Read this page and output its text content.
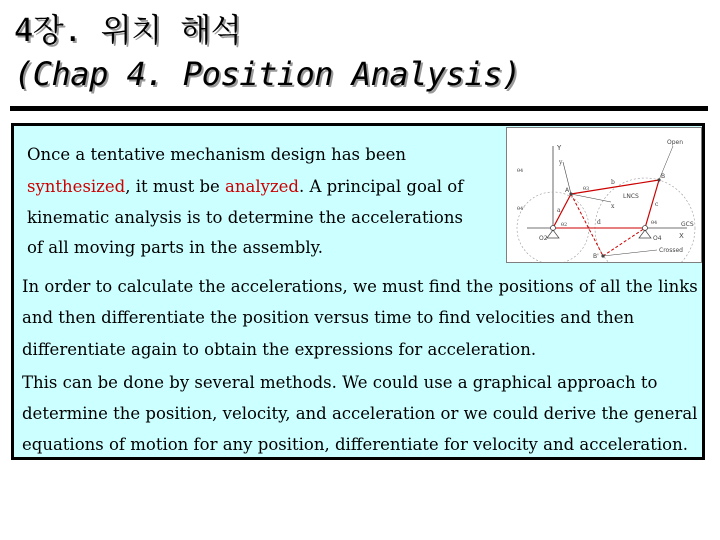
4장. 위치 해석
(Chap 4. Position Analysis)
Once a tentative mechanism design has been
synthesized, it must be analyzed. A principal goal of
kinematic analysis is to determine the accelerations
of all moving parts in the assembly.
Y
X
GCS
d
a
b
c
A
B
B'
x
y
LNCS
θ2
θ3
θ4
θ4
θ4'
Open
Crossed
O2	O4
In order to calculate the accelerations, we must find the positions of all the links
and then differentiate the position versus time to find velocities and then
differentiate again to obtain the expressions for acceleration.
This can be done by several methods. We could use a graphical approach to
determine the position, velocity, and acceleration or we could derive the general
equations of motion for any position, differentiate for velocity and acceleration.
